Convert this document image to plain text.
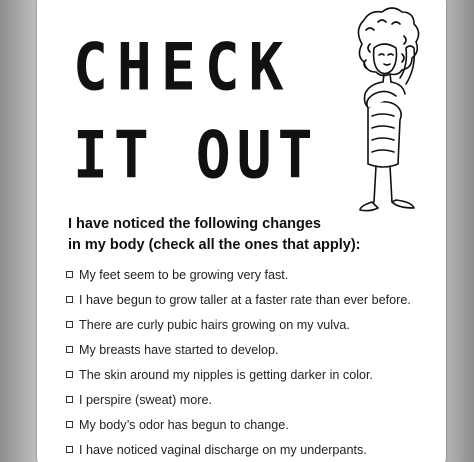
CHECK
IT OUT

I have noticed the following changes
in my body (check all the ones that apply):

My feet seem to be growing very fast.
I have begun to grow taller at a faster rate than ever before.
There are curly pubic hairs growing on my vulva.
My breasts have started to develop.
The skin around my nipples is getting darker in color.
I perspire (sweat) more.
My body’s odor has begun to change.
I have noticed vaginal discharge on my underpants.
